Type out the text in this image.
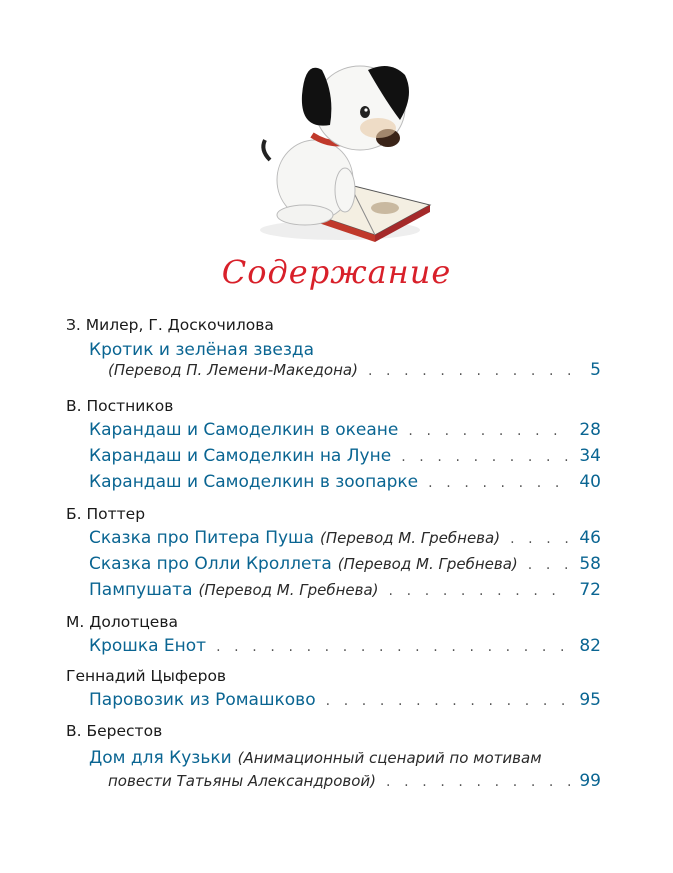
Содержание
З. Милер, Г. Доскочилова
Кротик и зелёная звезда
(Перевод П. Лемени-Македона) . . .	5
В. Постников
Карандаш и Самоделкин в океане . . .	28
Карандаш и Самоделкин на Луне . . .	34
Карандаш и Самоделкин в зоопарке . . .	40
Б. Поттер
Сказка про Питера Пуша (Перевод М. Гребнева) . . .	46
Сказка про Олли Кроллета (Перевод М. Гребнева) . . .	58
Пампушата (Перевод М. Гребнева) . . .	72
М. Долотцева
Крошка Енот . . .	82
Геннадий Цыферов
Паровозик из Ромашково . . .	95
В. Берестов
Дом для Кузьки (Анимационный сценарий по мотивам
повести Татьяны Александровой) . . .	99
